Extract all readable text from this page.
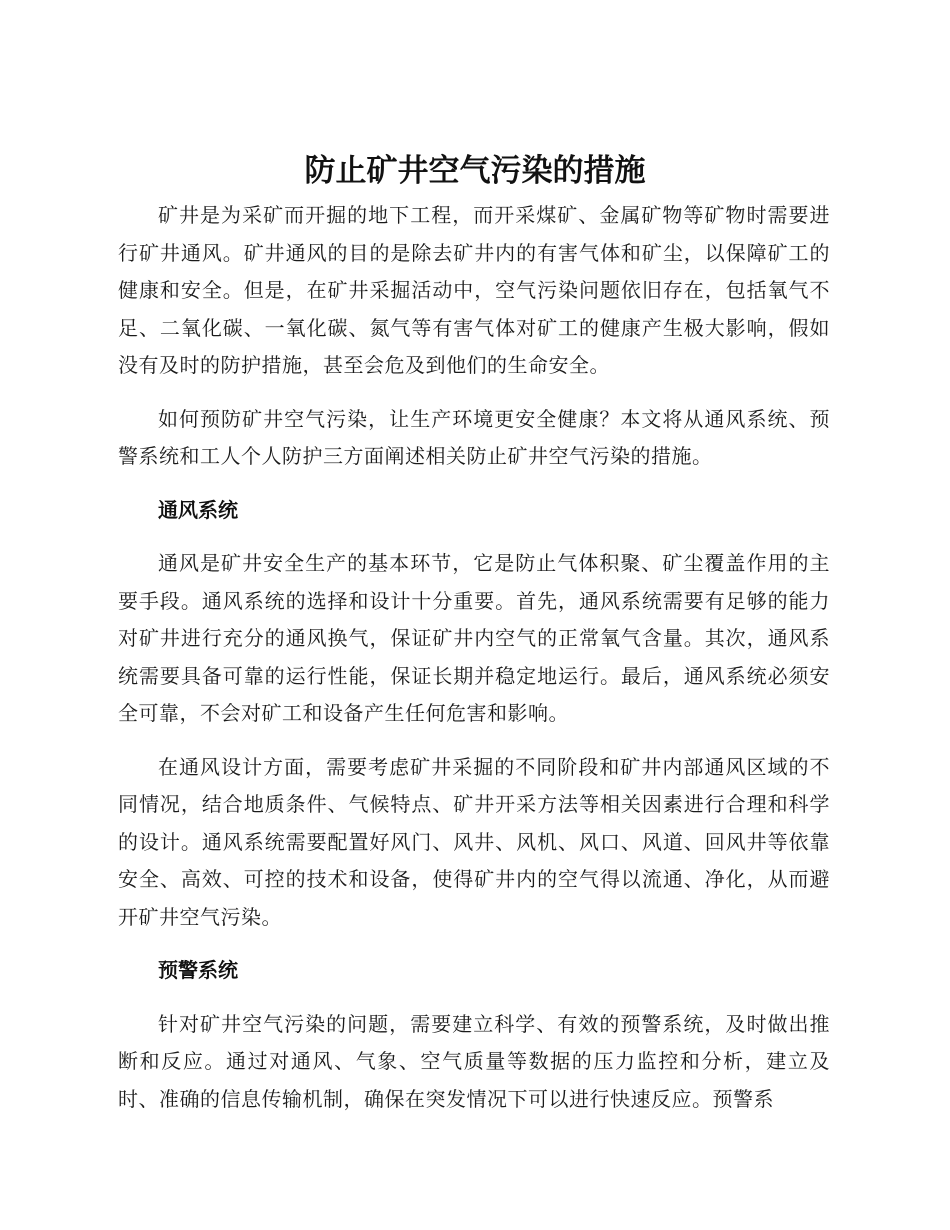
防止矿井空气污染的措施

矿井是为采矿而开掘的地下工程，而开采煤矿、金属矿物等矿物时需要进行矿井通风。矿井通风的目的是除去矿井内的有害气体和矿尘，以保障矿工的健康和安全。但是，在矿井采掘活动中，空气污染问题依旧存在，包括氧气不足、二氧化碳、一氧化碳、氮气等有害气体对矿工的健康产生极大影响，假如没有及时的防护措施，甚至会危及到他们的生命安全。

如何预防矿井空气污染，让生产环境更安全健康？本文将从通风系统、预警系统和工人个人防护三方面阐述相关防止矿井空气污染的措施。

通风系统

通风是矿井安全生产的基本环节，它是防止气体积聚、矿尘覆盖作用的主要手段。通风系统的选择和设计十分重要。首先，通风系统需要有足够的能力对矿井进行充分的通风换气，保证矿井内空气的正常氧气含量。其次，通风系统需要具备可靠的运行性能，保证长期并稳定地运行。最后，通风系统必须安全可靠，不会对矿工和设备产生任何危害和影响。

在通风设计方面，需要考虑矿井采掘的不同阶段和矿井内部通风区域的不同情况，结合地质条件、气候特点、矿井开采方法等相关因素进行合理和科学的设计。通风系统需要配置好风门、风井、风机、风口、风道、回风井等依靠安全、高效、可控的技术和设备，使得矿井内的空气得以流通、净化，从而避开矿井空气污染。

预警系统

针对矿井空气污染的问题，需要建立科学、有效的预警系统，及时做出推断和反应。通过对通风、气象、空气质量等数据的压力监控和分析，建立及时、准确的信息传输机制，确保在突发情况下可以进行快速反应。预警系
